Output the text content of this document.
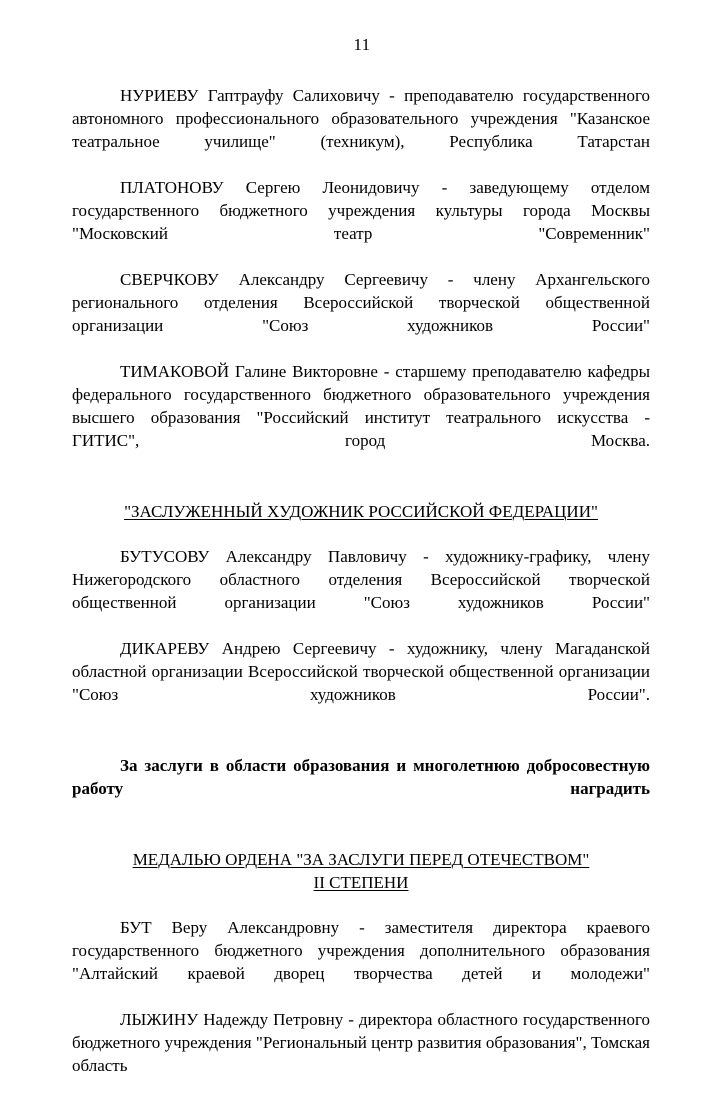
11

НУРИЕВУ Гаптрауфу Салиховичу - преподавателю государственного автономного профессионального образовательного учреждения "Казанское театральное училище" (техникум), Республика Татарстан

ПЛАТОНОВУ Сергею Леонидовичу - заведующему отделом государственного бюджетного учреждения культуры города Москвы "Московский театр "Современник"

СВЕРЧКОВУ Александру Сергеевичу - члену Архангельского регионального отделения Всероссийской творческой общественной организации "Союз художников России"

ТИМАКОВОЙ Галине Викторовне - старшему преподавателю кафедры федерального государственного бюджетного образовательного учреждения высшего образования "Российский институт театрального искусства - ГИТИС", город Москва.

"ЗАСЛУЖЕННЫЙ ХУДОЖНИК РОССИЙСКОЙ ФЕДЕРАЦИИ"

БУТУСОВУ Александру Павловичу - художнику-графику, члену Нижегородского областного отделения Всероссийской творческой общественной организации "Союз художников России"

ДИКАРЕВУ Андрею Сергеевичу - художнику, члену Магаданской областной организации Всероссийской творческой общественной организации "Союз художников России".

За заслуги в области образования и многолетнюю добросовестную работу наградить

МЕДАЛЬЮ ОРДЕНА "ЗА ЗАСЛУГИ ПЕРЕД ОТЕЧЕСТВОМ"
II СТЕПЕНИ

БУТ Веру Александровну - заместителя директора краевого государственного бюджетного учреждения дополнительного образования "Алтайский краевой дворец творчества детей и молодежи"

ЛЫЖИНУ Надежду Петровну - директора областного государственного бюджетного учреждения "Региональный центр развития образования", Томская область
